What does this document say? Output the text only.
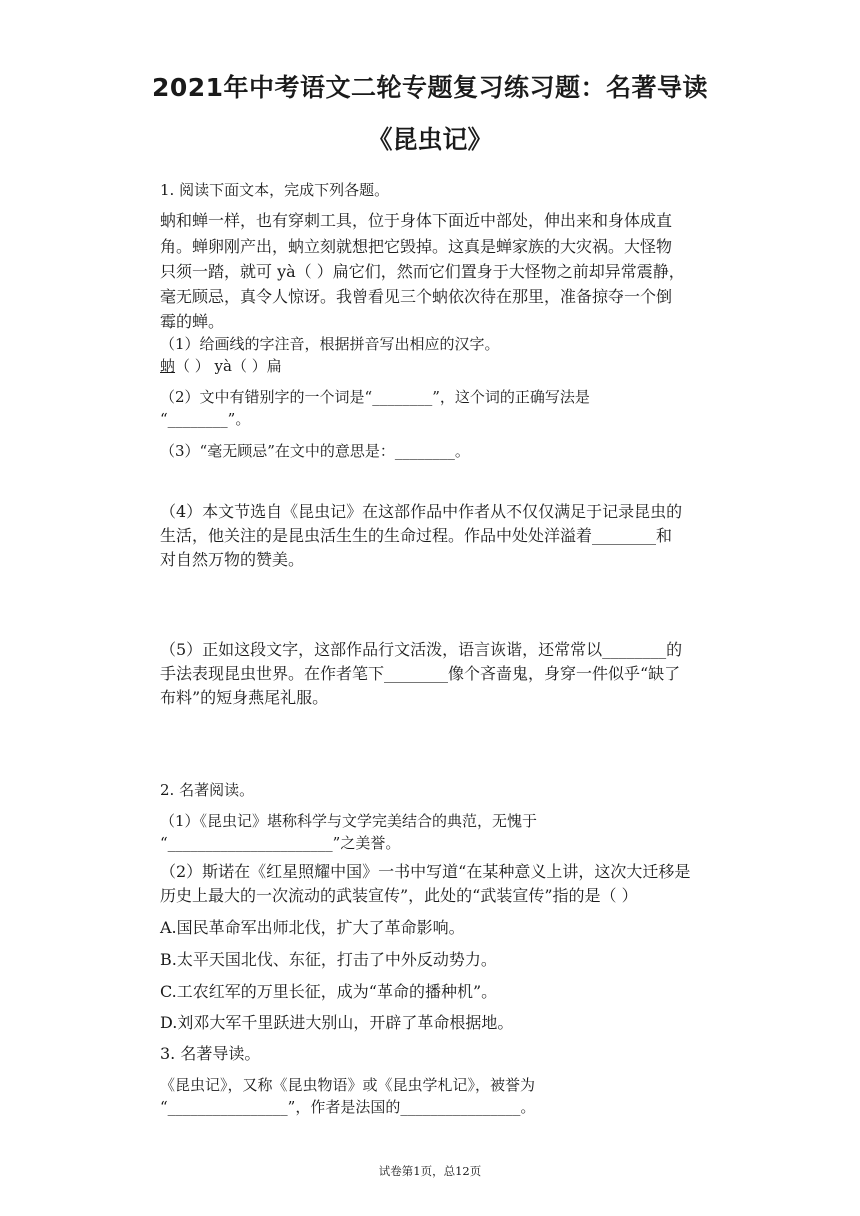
2021年中考语文二轮专题复习练习题：名著导读
《昆虫记》
1. 阅读下面文本，完成下列各题。
蚋和蝉一样，也有穿刺工具，位于身体下面近中部处，伸出来和身体成直
角。蝉卵刚产出，蚋立刻就想把它毁掉。这真是蝉家族的大灾祸。大怪物
只须一踏，就可 yà（ ）扁它们，然而它们置身于大怪物之前却异常震静，
毫无顾忌，真令人惊讶。我曾看见三个蚋依次待在那里，准备掠夺一个倒
霉的蝉。
（1）给画线的字注音，根据拼音写出相应的汉字。
蚋（ ） yà（ ）扁
（2）文中有错别字的一个词是“________”，这个词的正确写法是
“________”。
（3）“毫无顾忌”在文中的意思是：________。
（4）本文节选自《昆虫记》在这部作品中作者从不仅仅满足于记录昆虫的
生活，他关注的是昆虫活生生的生命过程。作品中处处洋溢着________和
对自然万物的赞美。
（5）正如这段文字，这部作品行文活泼，语言诙谐，还常常以________的
手法表现昆虫世界。在作者笔下________像个吝啬鬼，身穿一件似乎“缺了
布料”的短身燕尾礼服。
2. 名著阅读。
（1）《昆虫记》堪称科学与文学完美结合的典范，无愧于
“______________________”之美誉。
（2）斯诺在《红星照耀中国》一书中写道“在某种意义上讲，这次大迁移是
历史上最大的一次流动的武装宣传”，此处的“武装宣传”指的是（ ）
A.国民革命军出师北伐，扩大了革命影响。
B.太平天国北伐、东征，打击了中外反动势力。
C.工农红军的万里长征，成为“革命的播种机”。
D.刘邓大军千里跃进大别山，开辟了革命根据地。
3. 名著导读。
《昆虫记》，又称《昆虫物语》或《昆虫学札记》，被誉为
“________________”，作者是法国的________________。
试卷第1页，总12页
